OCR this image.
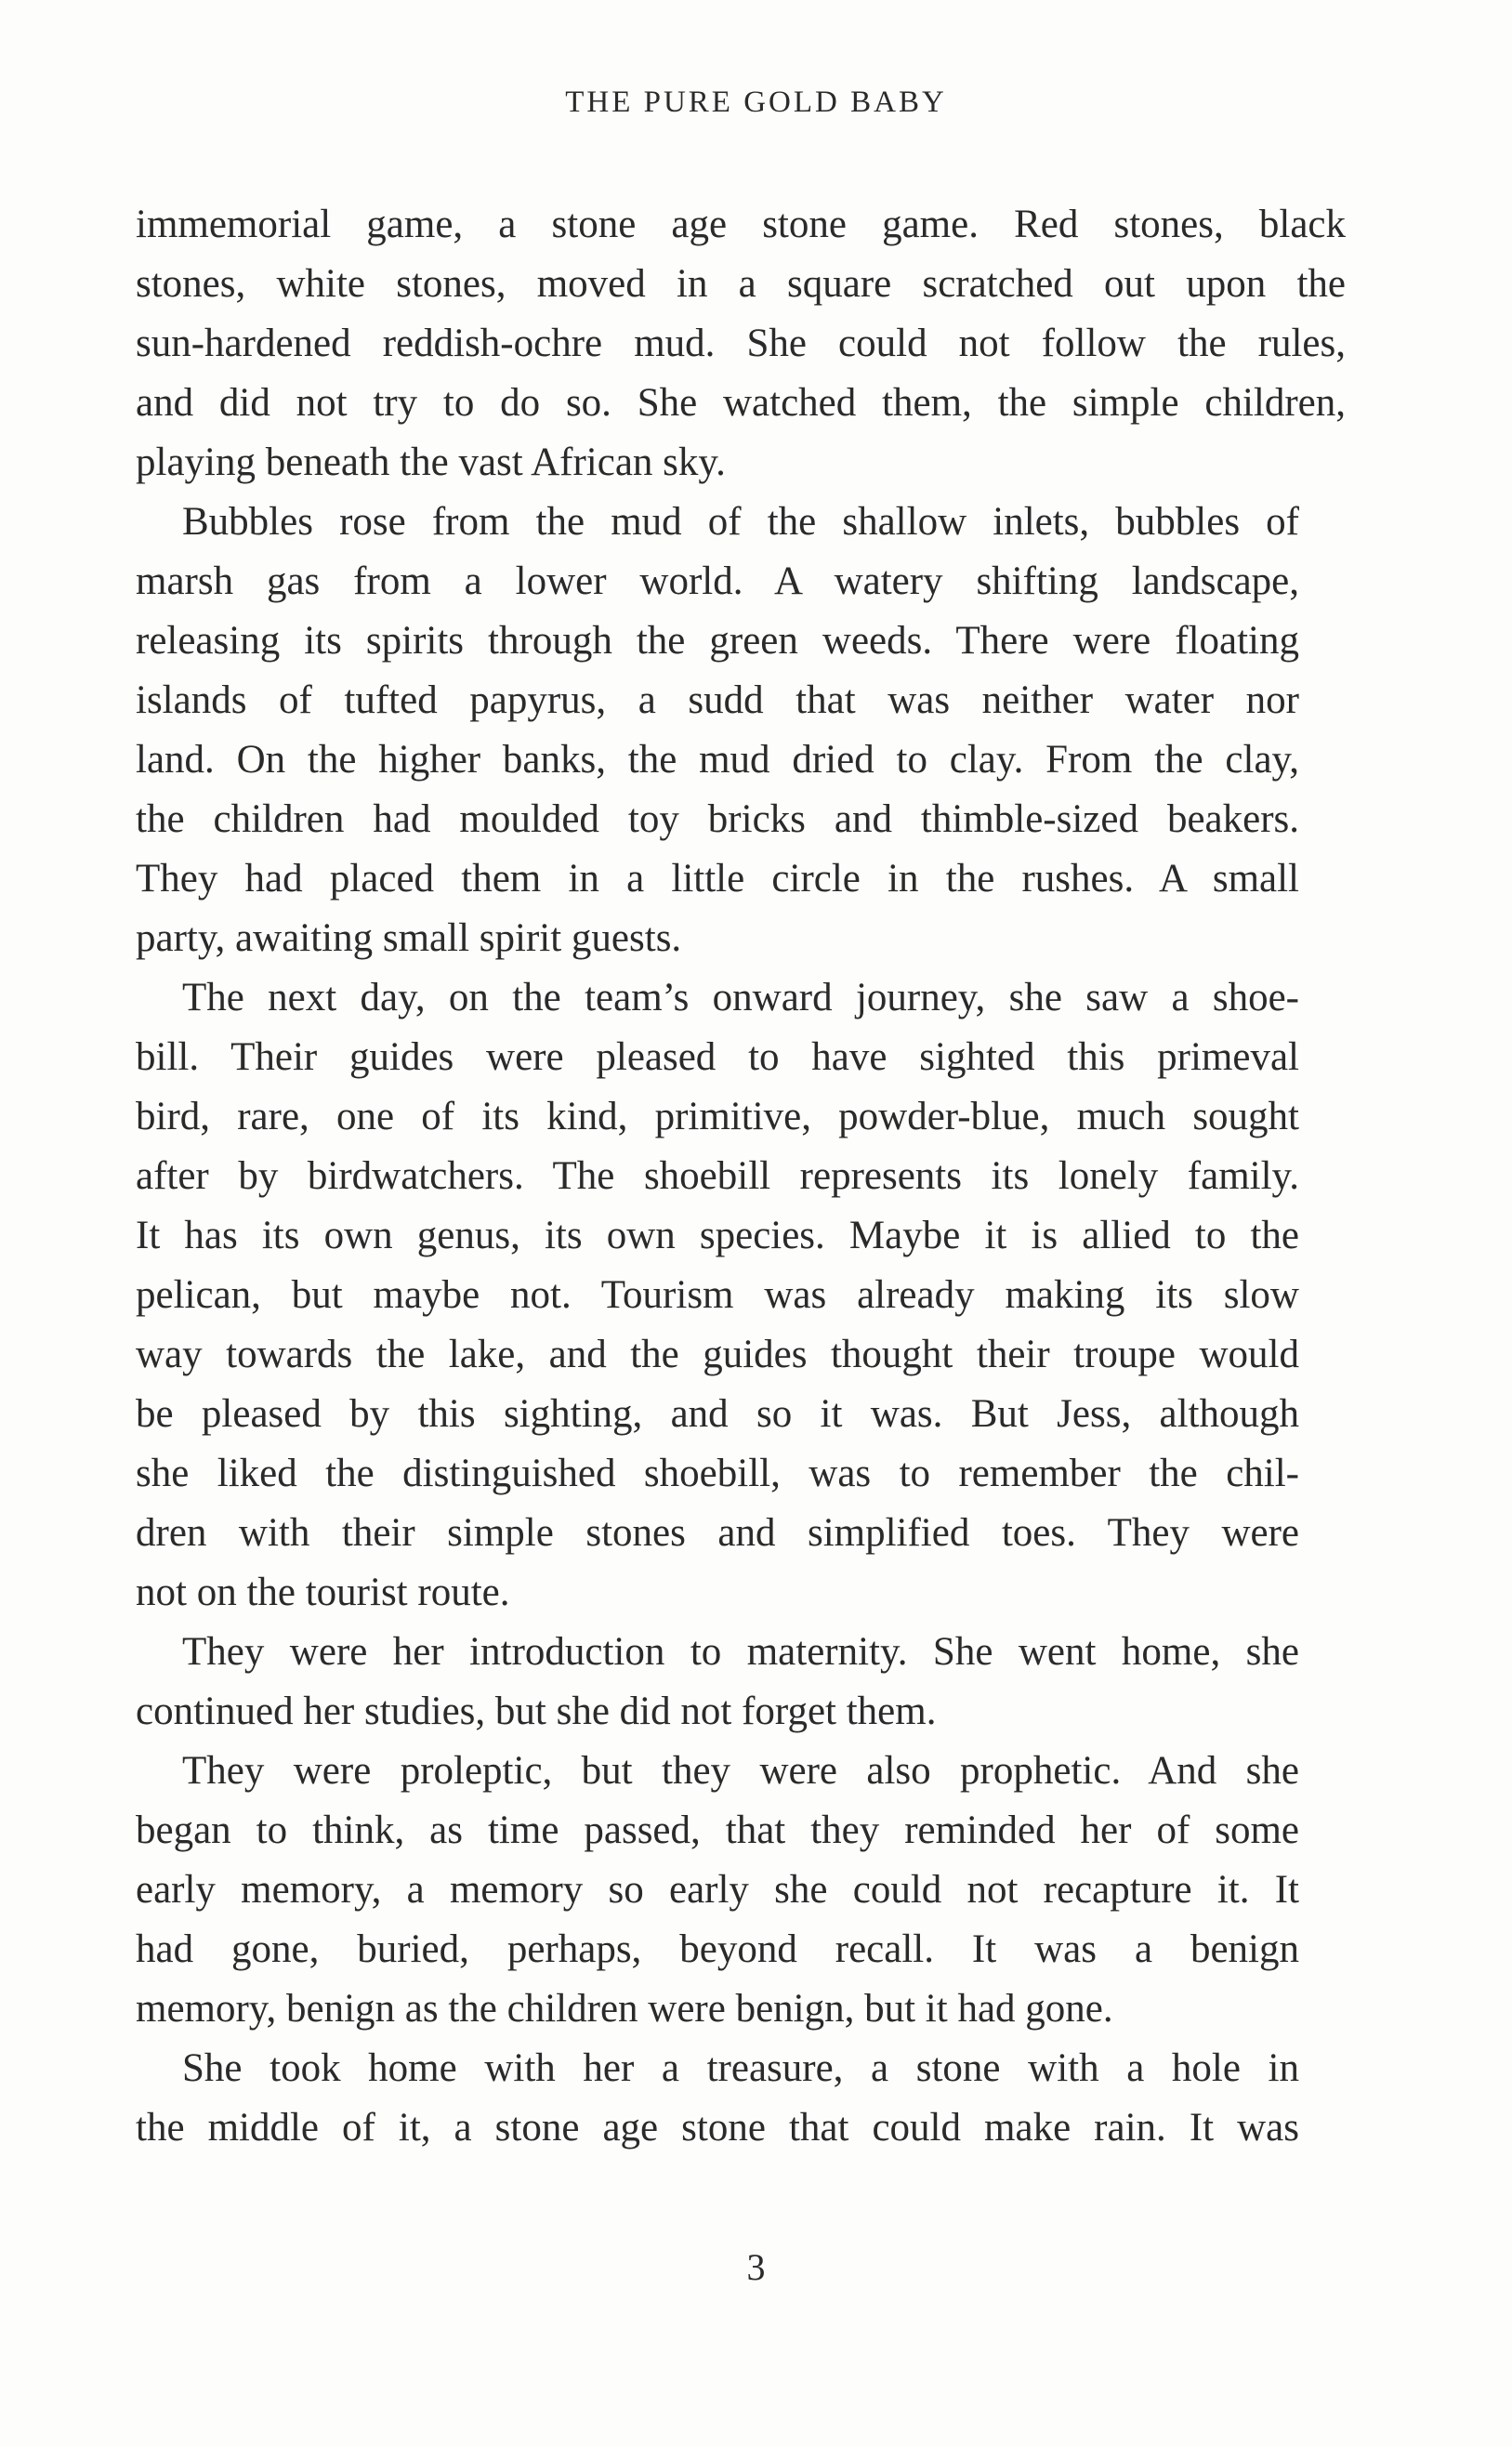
THE PURE GOLD BABY

immemorial game, a stone age stone game. Red stones, black
stones, white stones, moved in a square scratched out upon the
sun-hardened reddish-ochre mud. She could not follow the rules,
and did not try to do so. She watched them, the simple children,
playing beneath the vast African sky.

Bubbles rose from the mud of the shallow inlets, bubbles of
marsh gas from a lower world. A watery shifting landscape,
releasing its spirits through the green weeds. There were floating
islands of tufted papyrus, a sudd that was neither water nor
land. On the higher banks, the mud dried to clay. From the clay,
the children had moulded toy bricks and thimble-sized beakers.
They had placed them in a little circle in the rushes. A small
party, awaiting small spirit guests.

The next day, on the team’s onward journey, she saw a shoe-
bill. Their guides were pleased to have sighted this primeval
bird, rare, one of its kind, primitive, powder-blue, much sought
after by birdwatchers. The shoebill represents its lonely family.
It has its own genus, its own species. Maybe it is allied to the
pelican, but maybe not. Tourism was already making its slow
way towards the lake, and the guides thought their troupe would
be pleased by this sighting, and so it was. But Jess, although
she liked the distinguished shoebill, was to remember the chil-
dren with their simple stones and simplified toes. They were
not on the tourist route.

They were her introduction to maternity. She went home, she
continued her studies, but she did not forget them.

They were proleptic, but they were also prophetic. And she
began to think, as time passed, that they reminded her of some
early memory, a memory so early she could not recapture it. It
had gone, buried, perhaps, beyond recall. It was a benign
memory, benign as the children were benign, but it had gone.

She took home with her a treasure, a stone with a hole in
the middle of it, a stone age stone that could make rain. It was

3
